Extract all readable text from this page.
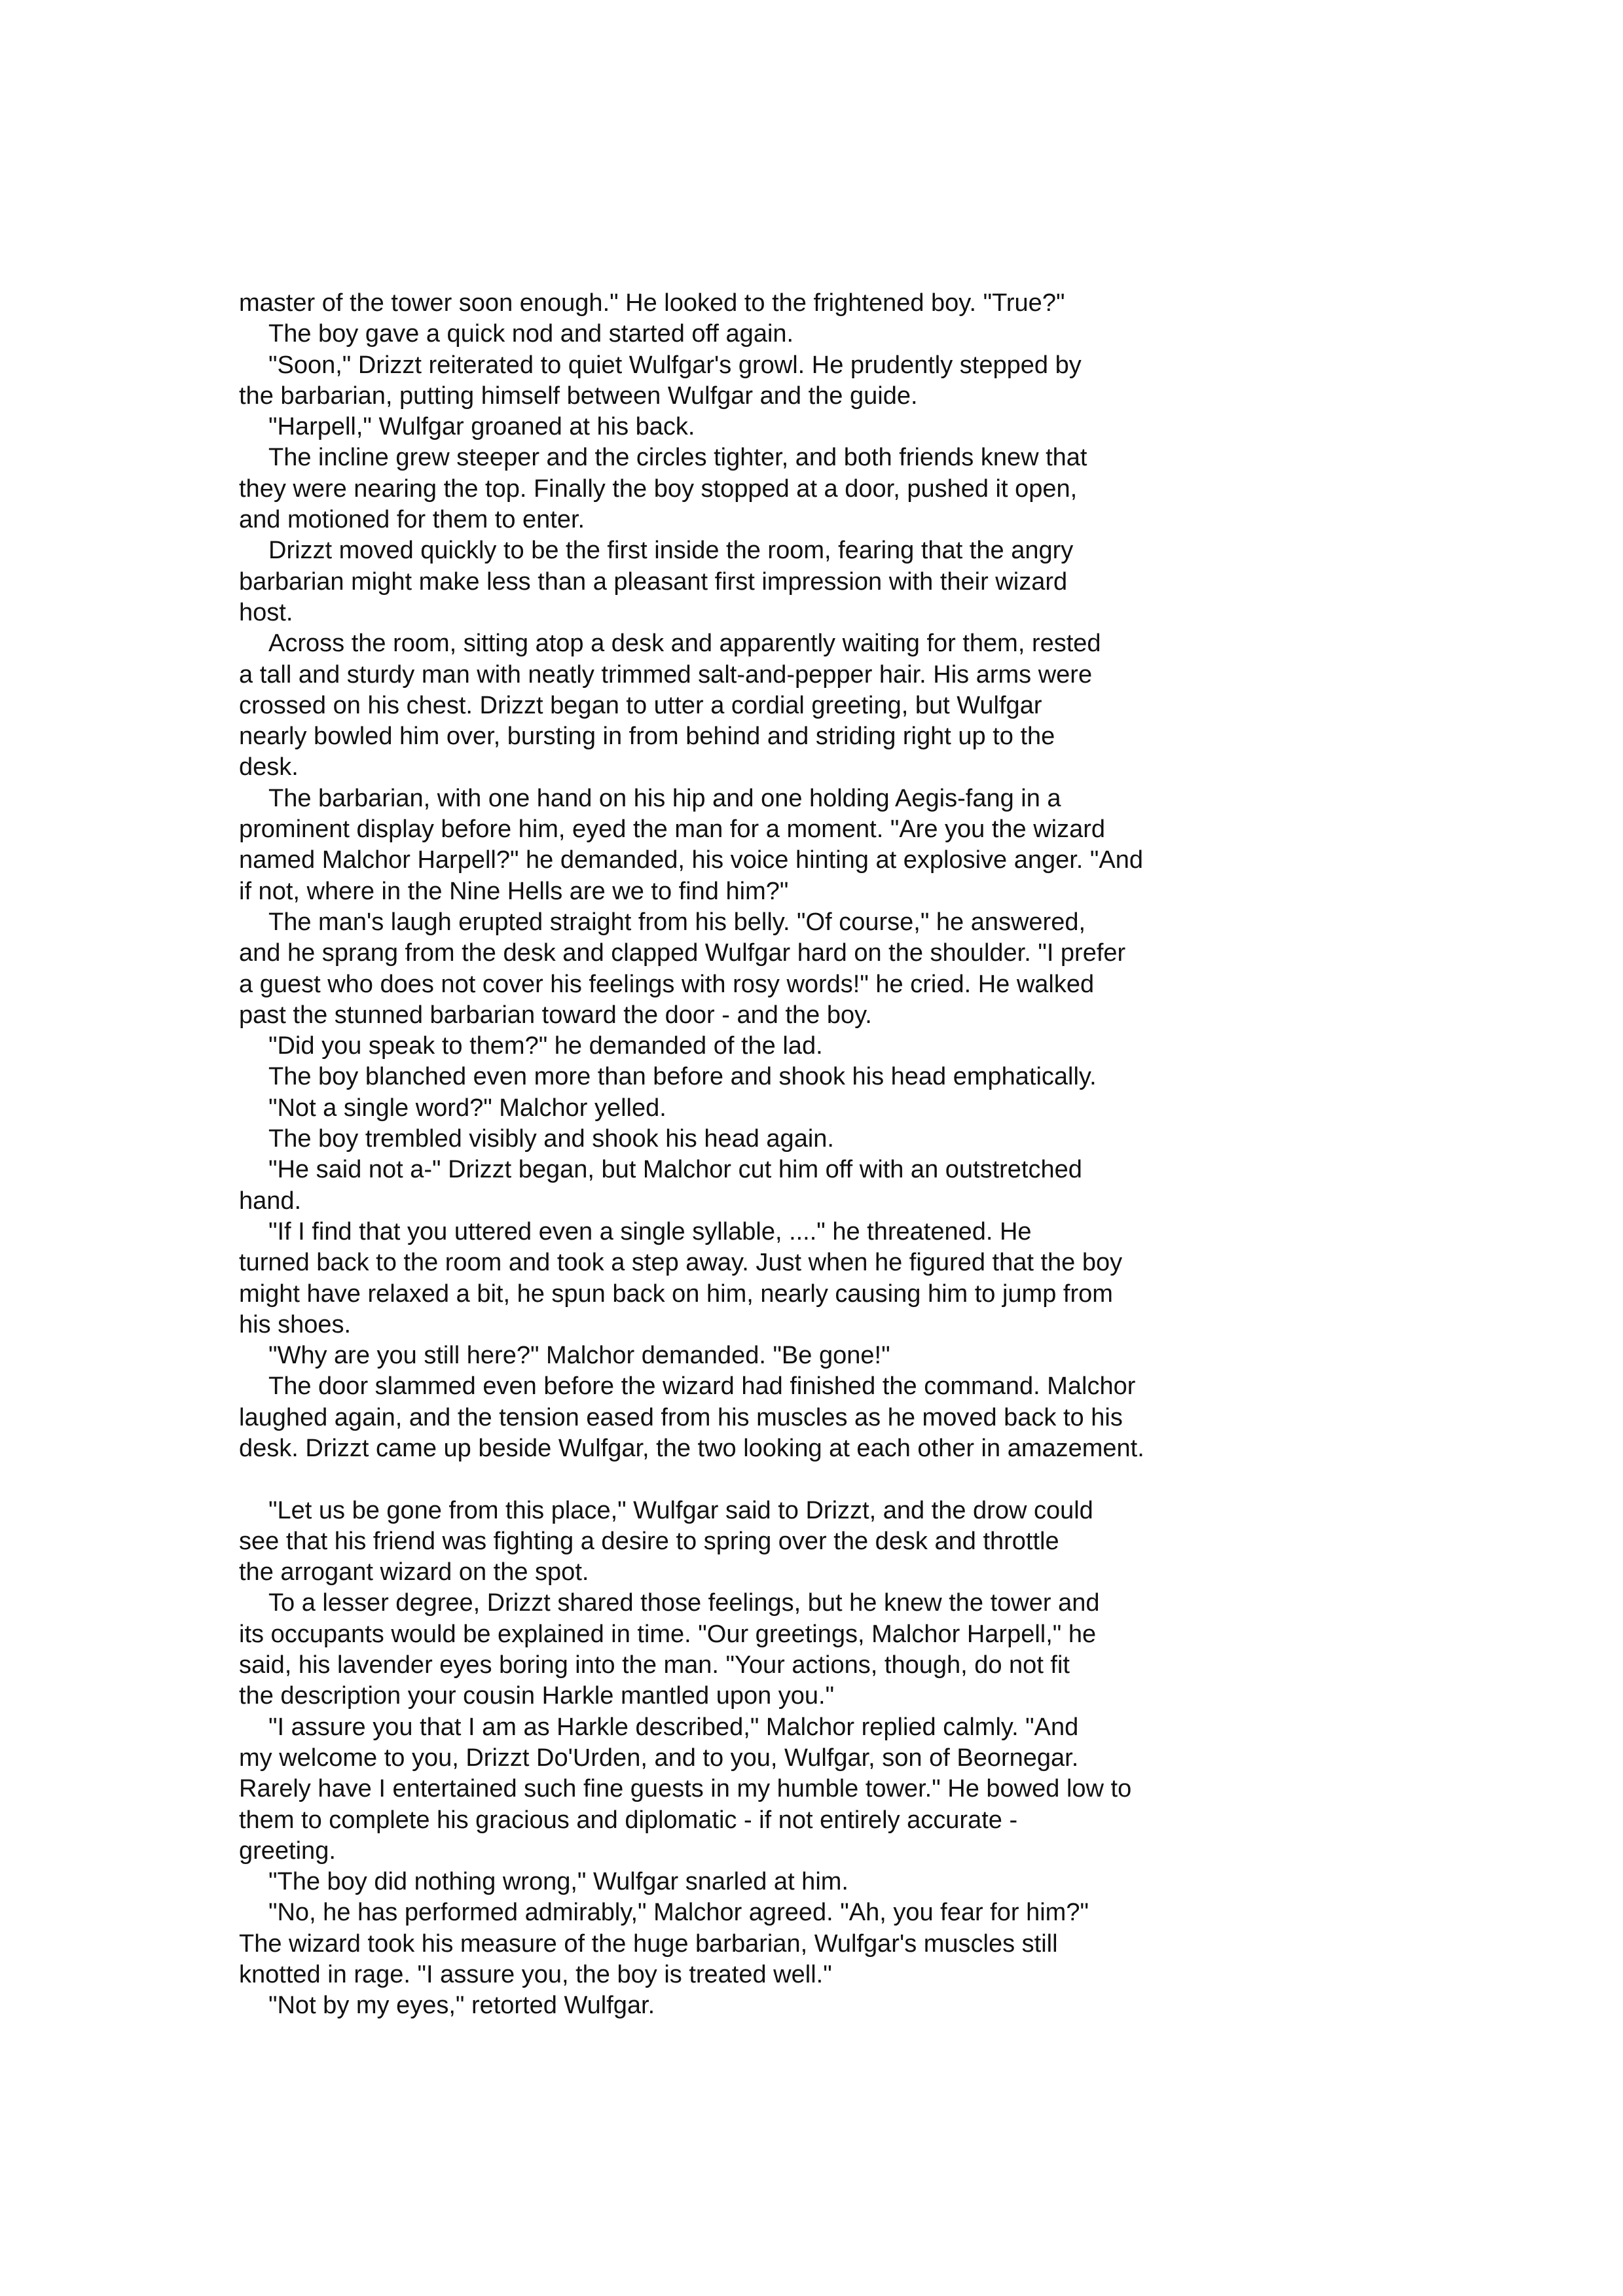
master of the tower soon enough." He looked to the frightened boy. "True?"
The boy gave a quick nod and started off again.
"Soon," Drizzt reiterated to quiet Wulfgar's growl. He prudently stepped by
the barbarian, putting himself between Wulfgar and the guide.
"Harpell," Wulfgar groaned at his back.
The incline grew steeper and the circles tighter, and both friends knew that
they were nearing the top. Finally the boy stopped at a door, pushed it open,
and motioned for them to enter.
Drizzt moved quickly to be the first inside the room, fearing that the angry
barbarian might make less than a pleasant first impression with their wizard
host.
Across the room, sitting atop a desk and apparently waiting for them, rested
a tall and sturdy man with neatly trimmed salt-and-pepper hair. His arms were
crossed on his chest. Drizzt began to utter a cordial greeting, but Wulfgar
nearly bowled him over, bursting in from behind and striding right up to the
desk.
The barbarian, with one hand on his hip and one holding Aegis-fang in a
prominent display before him, eyed the man for a moment. "Are you the wizard
named Malchor Harpell?" he demanded, his voice hinting at explosive anger. "And
if not, where in the Nine Hells are we to find him?"
The man's laugh erupted straight from his belly. "Of course," he answered,
and he sprang from the desk and clapped Wulfgar hard on the shoulder. "I prefer
a guest who does not cover his feelings with rosy words!" he cried. He walked
past the stunned barbarian toward the door - and the boy.
"Did you speak to them?" he demanded of the lad.
The boy blanched even more than before and shook his head emphatically.
"Not a single word?" Malchor yelled.
The boy trembled visibly and shook his head again.
"He said not a-" Drizzt began, but Malchor cut him off with an outstretched
hand.
"If I find that you uttered even a single syllable, ...." he threatened. He
turned back to the room and took a step away. Just when he figured that the boy
might have relaxed a bit, he spun back on him, nearly causing him to jump from
his shoes.
"Why are you still here?" Malchor demanded. "Be gone!"
The door slammed even before the wizard had finished the command. Malchor
laughed again, and the tension eased from his muscles as he moved back to his
desk. Drizzt came up beside Wulfgar, the two looking at each other in amazement.
"Let us be gone from this place," Wulfgar said to Drizzt, and the drow could
see that his friend was fighting a desire to spring over the desk and throttle
the arrogant wizard on the spot.
To a lesser degree, Drizzt shared those feelings, but he knew the tower and
its occupants would be explained in time. "Our greetings, Malchor Harpell," he
said, his lavender eyes boring into the man. "Your actions, though, do not fit
the description your cousin Harkle mantled upon you."
"I assure you that I am as Harkle described," Malchor replied calmly. "And
my welcome to you, Drizzt Do'Urden, and to you, Wulfgar, son of Beornegar.
Rarely have I entertained such fine guests in my humble tower." He bowed low to
them to complete his gracious and diplomatic - if not entirely accurate -
greeting.
"The boy did nothing wrong," Wulfgar snarled at him.
"No, he has performed admirably," Malchor agreed. "Ah, you fear for him?"
The wizard took his measure of the huge barbarian, Wulfgar's muscles still
knotted in rage. "I assure you, the boy is treated well."
"Not by my eyes," retorted Wulfgar.
